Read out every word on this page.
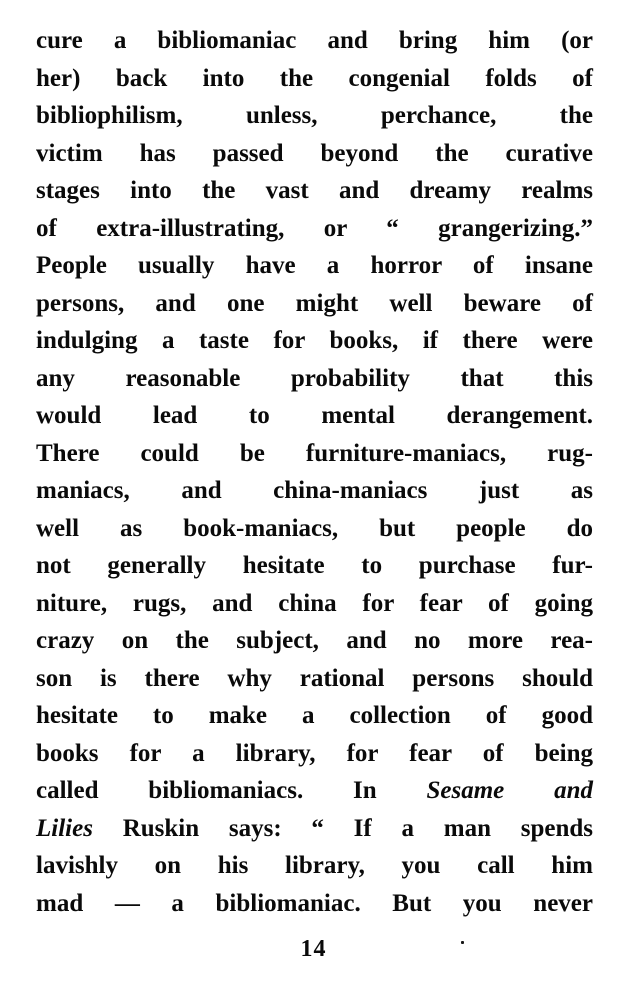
cure a bibliomaniac and bring him (or
her) back into the congenial folds of
bibliophilism, unless, perchance, the
victim has passed beyond the curative
stages into the vast and dreamy realms
of extra-illustrating, or “ grangerizing.”
People usually have a horror of insane
persons, and one might well beware of
indulging a taste for books, if there were
any reasonable probability that this
would lead to mental derangement.
There could be furniture-maniacs, rug-
maniacs, and china-maniacs just as
well as book-maniacs, but people do
not generally hesitate to purchase fur-
niture, rugs, and china for fear of going
crazy on the subject, and no more rea-
son is there why rational persons should
hesitate to make a collection of good
books for a library, for fear of being
called bibliomaniacs. In Sesame and
Lilies Ruskin says: “ If a man spends
lavishly on his library, you call him
mad — a bibliomaniac. But you never
14
